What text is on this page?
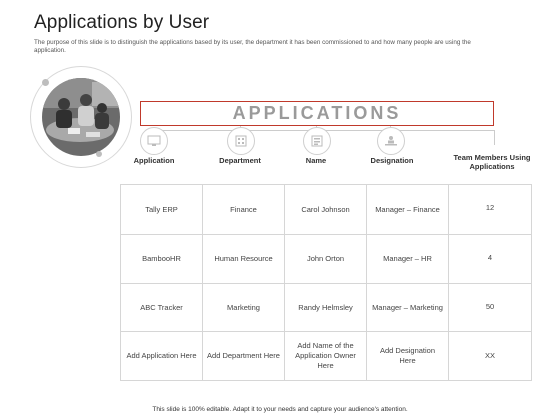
Applications by User
The purpose of this slide is to distinguish the applications based by its user, the department it has been commissioned to and how many people are using the application.
APPLICATIONS
Application	Department	Name	Designation	Team Members Using Applications
Tally ERP	Finance	Carol Johnson	Manager – Finance	12
BambooHR	Human Resource	John Orton	Manager – HR	4
ABC Tracker	Marketing	Randy Helmsley	Manager – Marketing	50
Add Application Here	Add Department Here	Add Name of the Application Owner Here	Add Designation Here	XX
This slide is 100% editable. Adapt it to your needs and capture your audience's attention.
